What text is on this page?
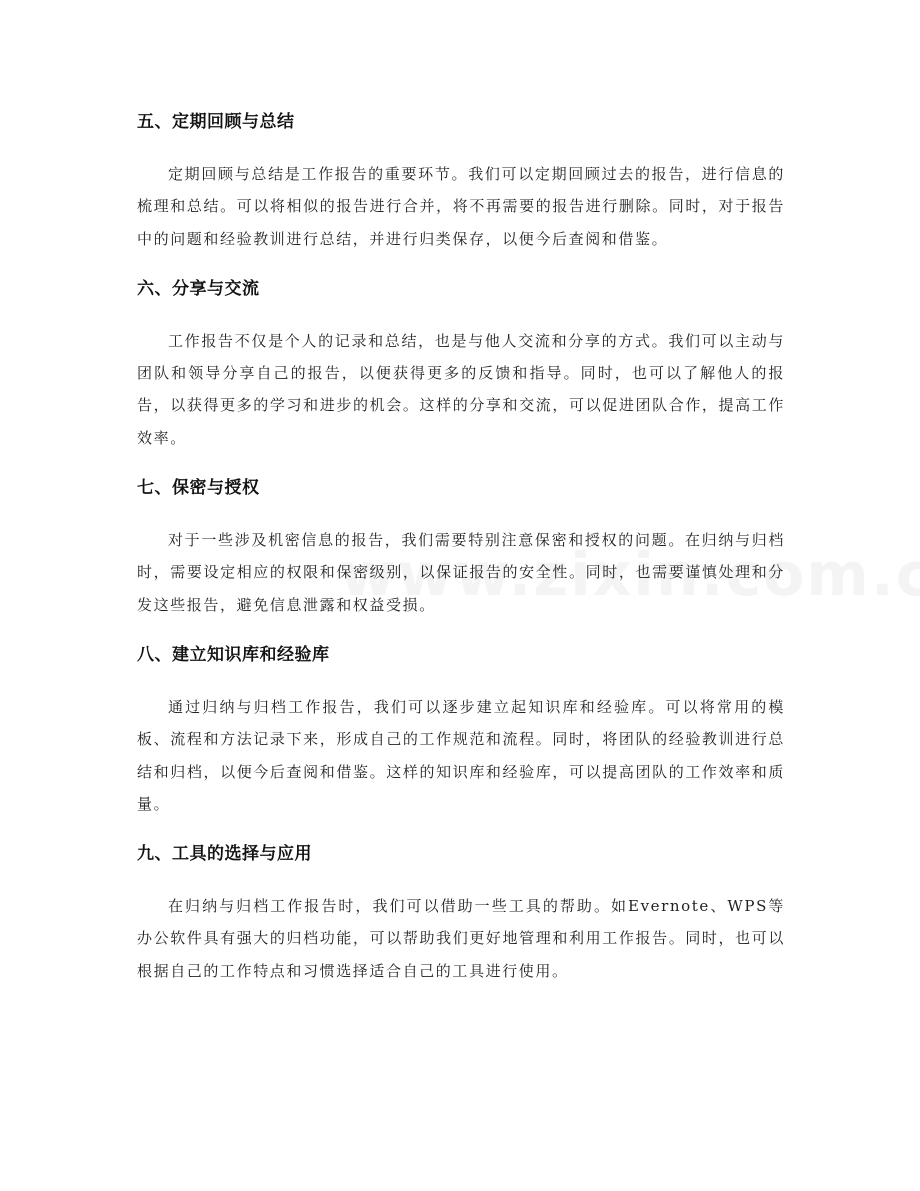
五、定期回顾与总结

定期回顾与总结是工作报告的重要环节。我们可以定期回顾过去的报告，进行信息的梳理和总结。可以将相似的报告进行合并，将不再需要的报告进行删除。同时，对于报告中的问题和经验教训进行总结，并进行归类保存，以便今后查阅和借鉴。

六、分享与交流

工作报告不仅是个人的记录和总结，也是与他人交流和分享的方式。我们可以主动与团队和领导分享自己的报告，以便获得更多的反馈和指导。同时，也可以了解他人的报告，以获得更多的学习和进步的机会。这样的分享和交流，可以促进团队合作，提高工作效率。

七、保密与授权

对于一些涉及机密信息的报告，我们需要特别注意保密和授权的问题。在归纳与归档时，需要设定相应的权限和保密级别，以保证报告的安全性。同时，也需要谨慎处理和分发这些报告，避免信息泄露和权益受损。

八、建立知识库和经验库

通过归纳与归档工作报告，我们可以逐步建立起知识库和经验库。可以将常用的模板、流程和方法记录下来，形成自己的工作规范和流程。同时，将团队的经验教训进行总结和归档，以便今后查阅和借鉴。这样的知识库和经验库，可以提高团队的工作效率和质量。

九、工具的选择与应用

在归纳与归档工作报告时，我们可以借助一些工具的帮助。如Evernote、WPS等办公软件具有强大的归档功能，可以帮助我们更好地管理和利用工作报告。同时，也可以根据自己的工作特点和习惯选择适合自己的工具进行使用。
